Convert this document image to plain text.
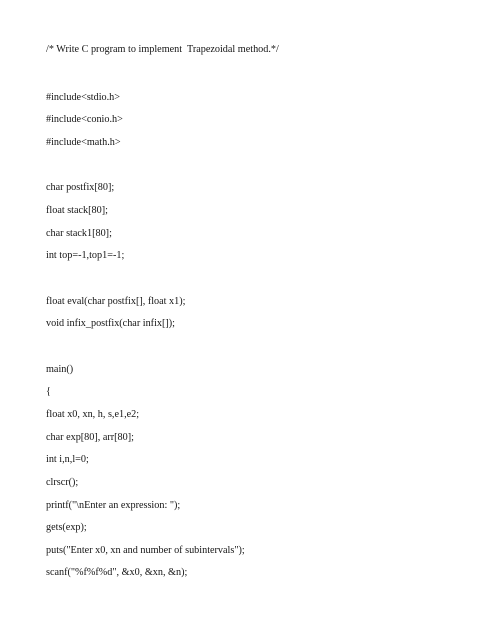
/* Write C program to implement  Trapezoidal method.*/
#include<stdio.h>
#include<conio.h>
#include<math.h>
char postfix[80];
float stack[80];
char stack1[80];
int top=-1,top1=-1;
float eval(char postfix[], float x1);
void infix_postfix(char infix[]);
main()
{
float x0, xn, h, s,e1,e2;
char exp[80], arr[80];
int i,n,l=0;
clrscr();
printf("\nEnter an expression: ");
gets(exp);
puts("Enter x0, xn and number of subintervals");
scanf("%f%f%d", &x0, &xn, &n);
